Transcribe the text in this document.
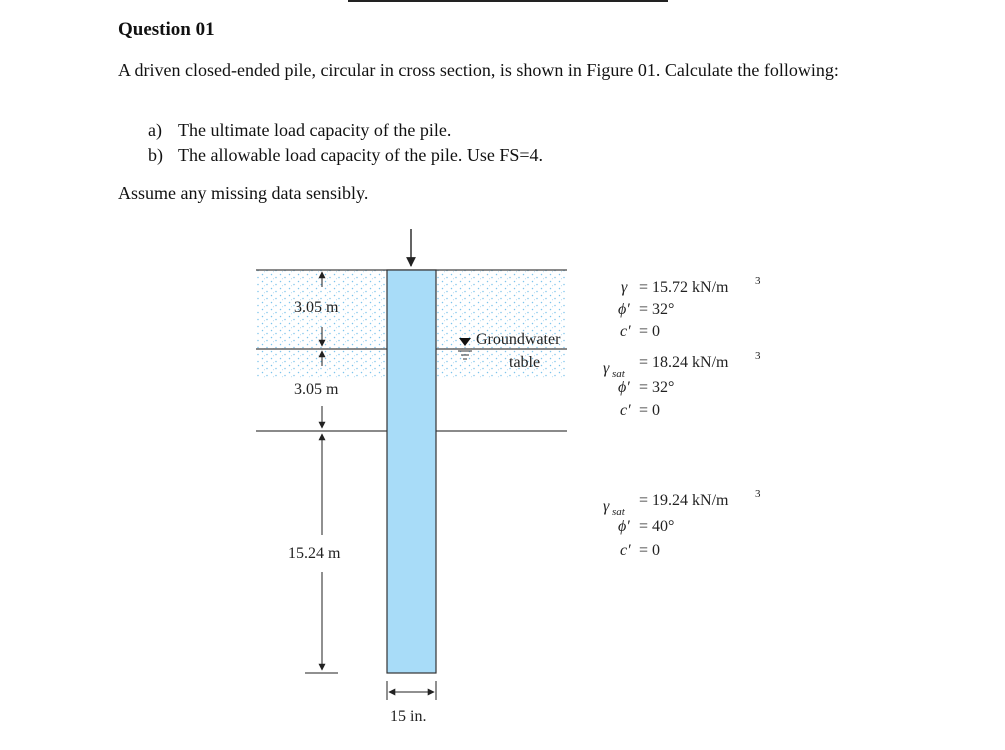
Question 01
A driven closed-ended pile, circular in cross section, is shown in Figure 01. Calculate the following:
a) The ultimate load capacity of the pile.
b) The allowable load capacity of the pile. Use FS=4.
Assume any missing data sensibly.
Groundwater
table
3.05 m
3.05 m
15.24 m
15 in.
γ = 15.72 kN/m 3
ϕ′ = 32°
c′ = 0
γ sat
= 18.24 kN/m 3
ϕ′ = 32°
c′ = 0
γ sat
= 19.24 kN/m 3
ϕ′ = 40°
c′ = 0
